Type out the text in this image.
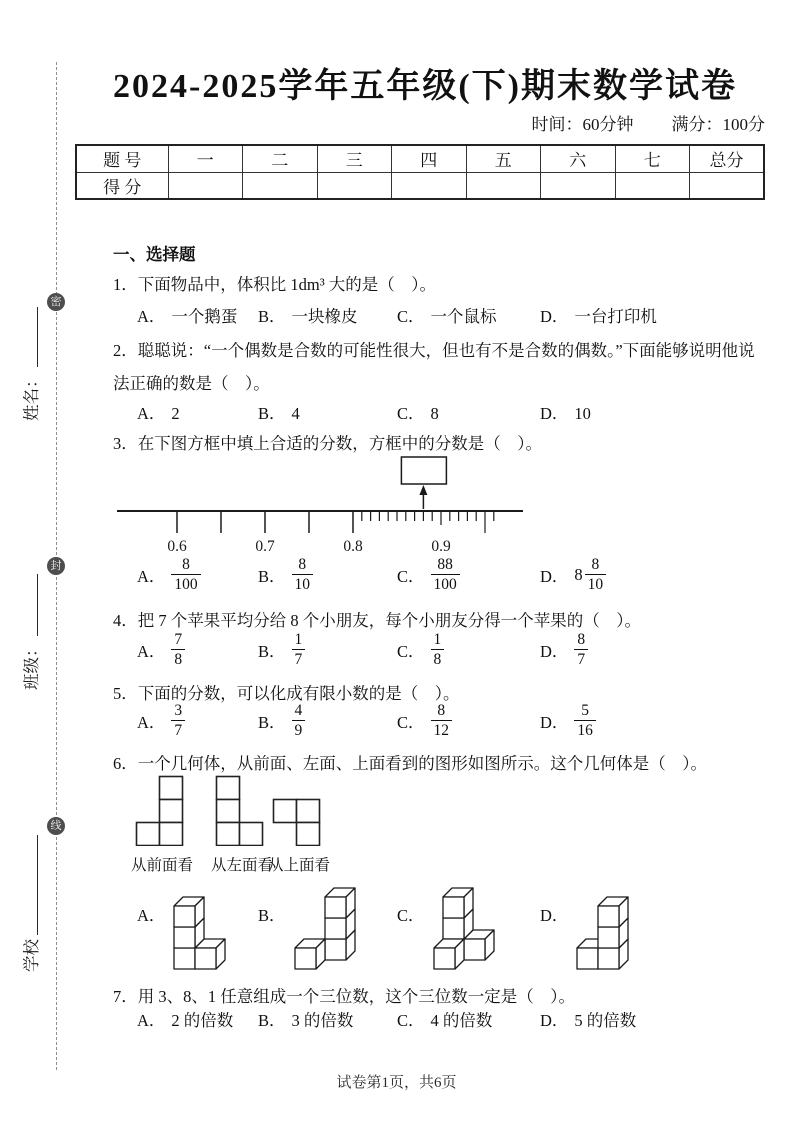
密
封
线
姓名：
班级：
学校
2024-2025学年五年级(下)期末数学试卷
时间：60分钟 满分：100分
题 号	一	二	三	四	五	六	七	总分
得 分								
一、选择题
1．下面物品中，体积比 1dm³ 大的是（　）。
A． 一个鹅蛋 B． 一块橡皮 C． 一个鼠标	D． 一台打印机
2．聪聪说：“一个偶数是合数的可能性很大，但也有不是合数的偶数。”下面能够说明他说
法正确的数是（　）。
A． 2	B． 4	C． 8	D． 10
3．在下图方框中填上合适的分数，方框中的分数是（　）。
0.6	0.7	0.8	0.9
A． $\frac{8}{100}$	B． $\frac{8}{10}$	C． $\frac{88}{100}$	D． $8 \frac{8}{10}$
4．把 7 个苹果平均分给 8 个小朋友，每个小朋友分得一个苹果的（　）。
A． $\frac{7}{8}$	B． $\frac{1}{7}$	C． $\frac{1}{8}$	D． $\frac{8}{7}$
5．下面的分数，可以化成有限小数的是（　）。
A． $\frac{3}{7}$	B． $\frac{4}{9}$	C． $\frac{8}{12}$	D． $\frac{5}{16}$
6．一个几何体，从前面、左面、上面看到的图形如图所示。这个几何体是（　）。
从前面看 从左面看
从上面看
A．	B．	C．	D．
7．用 3、8、1 任意组成一个三位数，这个三位数一定是（　）。
A． 2 的倍数 B． 3 的倍数	C． 4 的倍数	D． 5 的倍数
试卷第1页，共6页
